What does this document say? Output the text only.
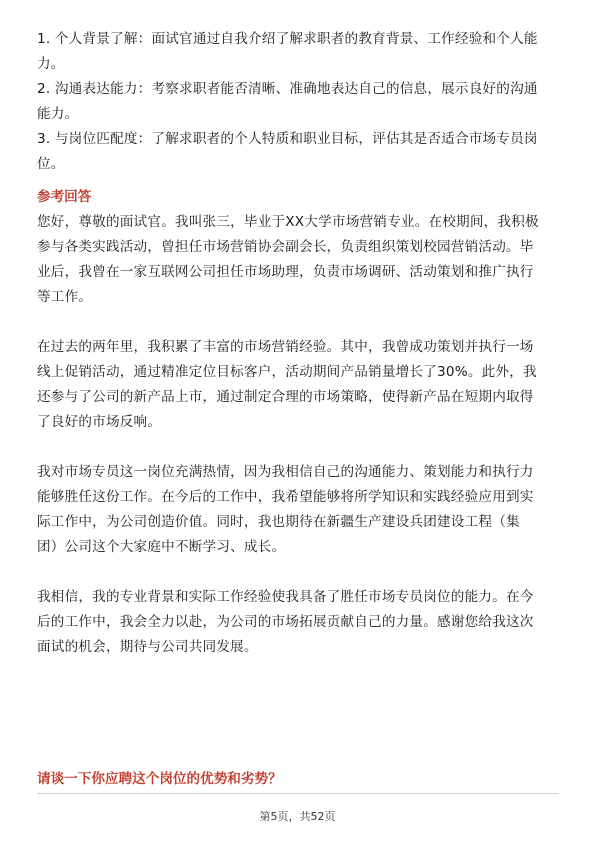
1. 个人背景了解：面试官通过自我介绍了解求职者的教育背景、工作经验和个人能
力。
2. 沟通表达能力：考察求职者能否清晰、准确地表达自己的信息，展示良好的沟通
能力。
3. 与岗位匹配度：了解求职者的个人特质和职业目标，评估其是否适合市场专员岗
位。
参考回答
您好，尊敬的面试官。我叫张三，毕业于XX大学市场营销专业。在校期间，我积极
参与各类实践活动，曾担任市场营销协会副会长，负责组织策划校园营销活动。毕
业后，我曾在一家互联网公司担任市场助理，负责市场调研、活动策划和推广执行
等工作。
在过去的两年里，我积累了丰富的市场营销经验。其中，我曾成功策划并执行一场
线上促销活动，通过精准定位目标客户，活动期间产品销量增长了30%。此外，我
还参与了公司的新产品上市，通过制定合理的市场策略，使得新产品在短期内取得
了良好的市场反响。
我对市场专员这一岗位充满热情，因为我相信自己的沟通能力、策划能力和执行力
能够胜任这份工作。在今后的工作中，我希望能够将所学知识和实践经验应用到实
际工作中，为公司创造价值。同时，我也期待在新疆生产建设兵团建设工程（集
团）公司这个大家庭中不断学习、成长。
我相信，我的专业背景和实际工作经验使我具备了胜任市场专员岗位的能力。在今
后的工作中，我会全力以赴，为公司的市场拓展贡献自己的力量。感谢您给我这次
面试的机会，期待与公司共同发展。
请谈一下你应聘这个岗位的优势和劣势？
第5页，共52页
